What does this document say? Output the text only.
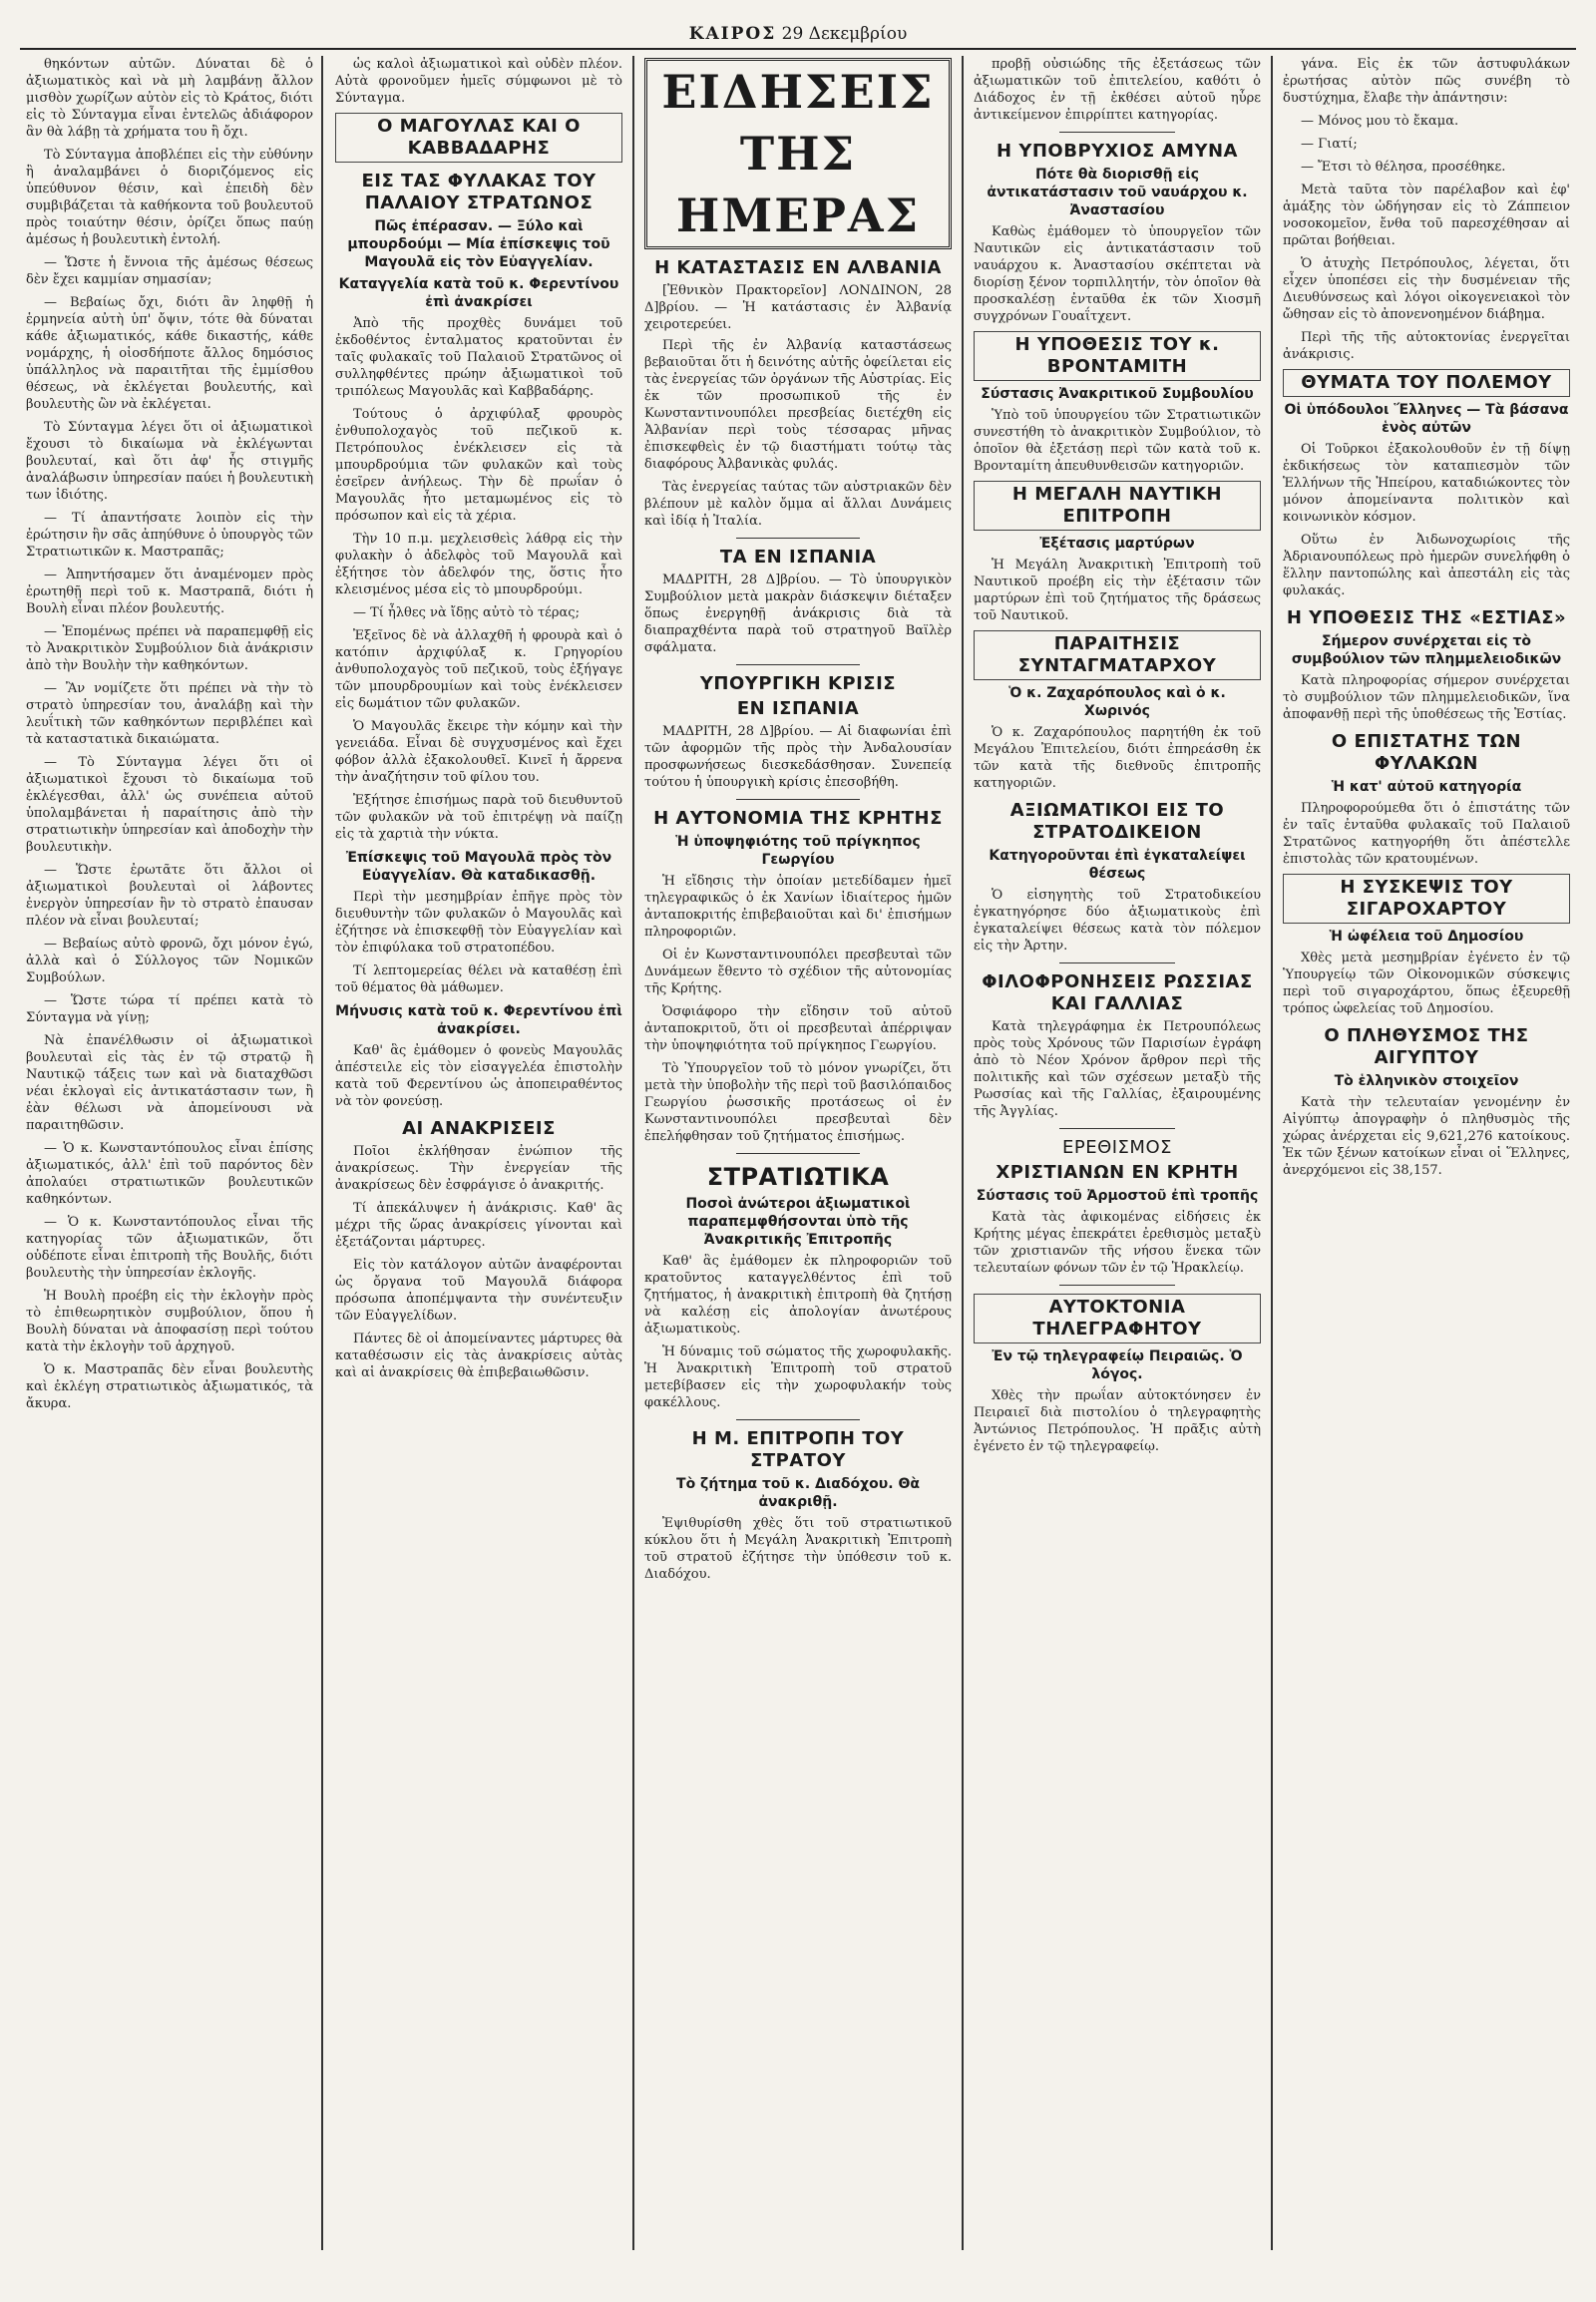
ΚΑΙΡΟΣ 29 Δεκεμβρίου

θηκόντων αὐτῶν. Δύναται δὲ ὁ ἀξιωματικὸς καὶ νὰ μὴ λαμβάνῃ ἄλλον μισθὸν χωρίζων αὐτὸν εἰς τὸ Κράτος, διότι εἰς τὸ Σύνταγμα εἶναι ἐντελῶς ἀδιάφορον ἂν θὰ λάβῃ τὰ χρήματα του ἢ ὄχι.

Τὸ Σύνταγμα ἀποβλέπει εἰς τὴν εὐθύνην ἢ ἀναλαμβάνει ὁ διοριζόμενος εἰς ὑπεύθυνον θέσιν, καὶ ἐπειδὴ δὲν συμβιβάζεται τὰ καθήκοντα τοῦ βουλευτοῦ πρὸς τοιαύτην θέσιν, ὁρίζει ὅπως παύῃ ἀμέσως ἡ βουλευτικὴ ἐντολή.

— Ὥστε ἡ ἔννοια τῆς ἀμέσως θέσεως δὲν ἔχει καμμίαν σημασίαν;

— Βεβαίως ὄχι, διότι ἂν ληφθῇ ἡ ἑρμηνεία αὐτὴ ὑπ' ὄψιν, τότε θὰ δύναται κάθε ἀξιωματικός, κάθε δικαστής, κάθε νομάρχης, ἡ οἱοσδήποτε ἄλλος δημόσιος ὑπάλληλος νὰ παραιτῆται τῆς ἐμμίσθου θέσεως, νὰ ἐκλέγεται βουλευτής, καὶ βουλευτὴς ὢν νὰ ἐκλέγεται.

Τὸ Σύνταγμα λέγει ὅτι οἱ ἀξιωματικοὶ ἔχουσι τὸ δικαίωμα νὰ ἐκλέγωνται βουλευταί, καὶ ὅτι ἀφ' ἧς στιγμῆς ἀναλάβωσιν ὑπηρεσίαν παύει ἡ βουλευτικὴ των ἰδιότης.

— Τί ἀπαντήσατε λοιπὸν εἰς τὴν ἐρώτησιν ἣν σᾶς ἀπηύθυνε ὁ ὑπουργὸς τῶν Στρατιωτικῶν κ. Μαστραπᾶς;

— Ἀπηντήσαμεν ὅτι ἀναμένομεν πρὸς ἐρωτηθῇ περὶ τοῦ κ. Μαστραπᾶ, διότι ἡ Βουλὴ εἶναι πλέον βουλευτής.

— Ἐπομένως πρέπει νὰ παραπεμφθῇ εἰς τὸ Ἀνακριτικὸν Συμβούλιον διὰ ἀνάκρισιν ἀπὸ τὴν Βουλὴν τὴν καθηκόντων.

— Ἂν νομίζετε ὅτι πρέπει νὰ τὴν τὸ στρατὸ ὑπηρεσίαν του, ἀναλάβῃ καὶ τὴν λευΐτικὴ τῶν καθηκόντων περιβλέπει καὶ τὰ καταστατικὰ δικαιώματα.

— Τὸ Σύνταγμα λέγει ὅτι οἱ ἀξιωματικοὶ ἔχουσι τὸ δικαίωμα τοῦ ἐκλέγεσθαι, ἀλλ' ὡς συνέπεια αὐτοῦ ὑπολαμβάνεται ἡ παραίτησις ἀπὸ τὴν στρατιωτικὴν ὑπηρεσίαν καὶ ἀποδοχὴν τὴν βουλευτικὴν.

— Ὥστε ἐρωτᾶτε ὅτι ἄλλοι οἱ ἀξιωματικοὶ βουλευταὶ οἱ λάβοντες ἐνεργὸν ὑπηρεσίαν ἢν τὸ στρατὸ ἐπαυσαν πλέον νὰ εἶναι βουλευταί;

— Βεβαίως αὐτὸ φρονῶ, ὄχι μόνον ἐγώ, ἀλλὰ καὶ ὁ Σύλλογος τῶν Νομικῶν Συμβούλων.

— Ὥστε τώρα τί πρέπει κατὰ τὸ Σύνταγμα νὰ γίνῃ;

Νὰ ἐπανέλθωσιν οἱ ἀξιωματικοὶ βουλευταὶ εἰς τὰς ἐν τῷ στρατῷ ἢ Ναυτικῷ τάξεις των καὶ νὰ διαταχθῶσι νέαι ἐκλογαὶ εἰς ἀντικατάστασιν των, ἢ ἐὰν θέλωσι νὰ ἀπομείνουσι νὰ παραιτηθῶσιν.

— Ὁ κ. Κωνσταντόπουλος εἶναι ἐπίσης ἀξιωματικός, ἀλλ' ἐπὶ τοῦ παρόντος δὲν ἀπολαύει στρατιωτικῶν βουλευτικῶν καθηκόντων.

— Ὁ κ. Κωνσταντόπουλος εἶναι τῆς κατηγορίας τῶν ἀξιωματικῶν, ὅτι οὐδέποτε εἶναι ἐπιτροπὴ τῆς Βουλῆς, διότι βουλευτὴς τὴν ὑπηρεσίαν ἐκλογῆς.

Ἡ Βουλὴ προέβη εἰς τὴν ἐκλογὴν πρὸς τὸ ἐπιθεωρητικὸν συμβούλιον, ὅπου ἡ Βουλὴ δύναται νὰ ἀποφασίσῃ περὶ τούτου κατὰ τὴν ἐκλογὴν τοῦ ἀρχηγοῦ.

Ὁ κ. Μαστραπᾶς δὲν εἶναι βουλευτὴς καὶ ἐκλέγη στρατιωτικὸς ἀξιωματικός, τὰ ἄκυρα.

ὡς καλοὶ ἀξιωματικοὶ καὶ οὐδὲν πλέον. Αὐτὰ φρονοῦμεν ἡμεῖς σύμφωνοι μὲ τὸ Σύνταγμα.

Ο ΜΑΓΟΥΛΑΣ ΚΑΙ Ο ΚΑΒΒΑΔΑΡΗΣ
ΕΙΣ ΤΑΣ ΦΥΛΑΚΑΣ ΤΟΥ ΠΑΛΑΙΟΥ ΣΤΡΑΤΩΝΟΣ
Πῶς ἐπέρασαν. — Ξύλο καὶ μπουρδούμι — Μία ἐπίσκεψις τοῦ Μαγουλᾶ εἰς τὸν Εὐαγγελίαν.
Καταγγελία κατὰ τοῦ κ. Φερεντίνου ἐπὶ ἀνακρίσει

Ἀπὸ τῆς προχθὲς δυνάμει τοῦ ἐκδοθέντος ἐνταλματος κρατοῦνται ἐν ταῖς φυλακαῖς τοῦ Παλαιοῦ Στρατῶνος οἱ συλληφθέντες πρώην ἀξιωματικοὶ τοῦ τριπόλεως Μαγουλᾶς καὶ Καββαδάρης.

Τούτους ὁ ἀρχιφύλαξ φρουρὸς ἐνθυπολοχαγὸς τοῦ πεζικοῦ κ. Πετρόπουλος ἐνέκλεισεν εἰς τὰ μπουρδρούμια τῶν φυλακῶν καὶ τοὺς ἐσεῖρεν ἀνήλεως. Τὴν δὲ πρωΐαν ὁ Μαγουλᾶς ἦτο μεταμωμένος εἰς τὸ πρόσωπον καὶ εἰς τὰ χέρια.

Τὴν 10 π.μ. μεχλεισθεὶς λάθρᾳ εἰς τὴν φυλακὴν ὁ ἀδελφὸς τοῦ Μαγουλᾶ καὶ ἐξήτησε τὸν ἀδελφόν της, ὅστις ἦτο κλεισμένος μέσα εἰς τὸ μπουρδρούμι.

— Τί ἦλθες νὰ ἴδῃς αὐτὸ τὸ τέρας;

Ἐξεῖνος δὲ νὰ ἀλλαχθῆ ἡ φρουρὰ καὶ ὁ κατόπιν ἀρχιφύλαξ κ. Γρηγορίου ἀνθυπολοχαγὸς τοῦ πεζικοῦ, τοὺς ἐξήγαγε τῶν μπουρδρουμίων καὶ τοὺς ἐνέκλεισεν εἰς δωμάτιον τῶν φυλακῶν.

Ὁ Μαγουλᾶς ἔκειρε τὴν κόμην καὶ τὴν γενειάδα. Εἶναι δὲ συγχυσμένος καὶ ἔχει φόβον ἀλλὰ ἐξακολουθεῖ. Κινεῖ ἡ ἄρρενα τὴν ἀναζήτησιν τοῦ φίλου του.

Ἐξήτησε ἐπισήμως παρὰ τοῦ διευθυντοῦ τῶν φυλακῶν νὰ τοῦ ἐπιτρέψῃ νὰ παίζῃ εἰς τὰ χαρτιὰ τὴν νύκτα.

Ἐπίσκεψις τοῦ Μαγουλᾶ πρὸς τὸν Εὐαγγελίαν. Θὰ καταδικασθῇ.

Περὶ τὴν μεσημβρίαν ἐπῆγε πρὸς τὸν διευθυντὴν τῶν φυλακῶν ὁ Μαγουλᾶς καὶ ἐζήτησε νὰ ἐπισκεφθῇ τὸν Εὐαγγελίαν καὶ τὸν ἐπιφύλακα τοῦ στρατοπέδου.

Τί λεπτομερείας θέλει νὰ καταθέσῃ ἐπὶ τοῦ θέματος θὰ μάθωμεν.

Μήνυσις κατὰ τοῦ κ. Φερεντίνου ἐπὶ ἀνακρίσει.

Καθ' ἃς ἐμάθομεν ὁ φονεὺς Μαγουλᾶς ἀπέστειλε εἰς τὸν εἰσαγγελέα ἐπιστολὴν κατὰ τοῦ Φερεντίνου ὡς ἀποπειραθέντος νὰ τὸν φονεύσῃ.

ΑΙ ΑΝΑΚΡΙΣΕΙΣ

Ποῖοι ἐκλήθησαν ἐνώπιον τῆς ἀνακρίσεως. Τὴν ἐνεργείαν τῆς ἀνακρίσεως δὲν ἐσφράγισε ὁ ἀνακριτής.

Τί ἀπεκάλυψεν ἡ ἀνάκρισις. Καθ' ἃς μέχρι τῆς ὥρας ἀνακρίσεις γίνονται καὶ ἐξετάζονται μάρτυρες.

Εἰς τὸν κατάλογον αὐτῶν ἀναφέρονται ὡς ὄργανα τοῦ Μαγουλᾶ διάφορα πρόσωπα ἀποπέμψαντα τὴν συνέντευξιν τῶν Εὐαγγελίδων.

Πάντες δὲ οἱ ἀπομείναντες μάρτυρες θὰ καταθέσωσιν εἰς τὰς ἀνακρίσεις αὐτὰς καὶ αἱ ἀνακρίσεις θὰ ἐπιβεβαιωθῶσιν.

ΕΙΔΗΣΕΙΣ ΤΗΣ ΗΜΕΡΑΣ
Η ΚΑΤΑΣΤΑΣΙΣ ΕΝ ΑΛΒΑΝΙΑ

[Ἐθνικὸν Πρακτορεῖον] ΛΟΝΔΙΝΟΝ, 28 Δ]βρίου. — Ἡ κατάστασις ἐν Ἀλβανίᾳ χειροτερεύει.

Περὶ τῆς ἐν Ἀλβανίᾳ καταστάσεως βεβαιοῦται ὅτι ἡ δεινότης αὐτῆς ὀφείλεται εἰς τὰς ἐνεργείας τῶν ὀργάνων τῆς Αὐστρίας. Εἰς ἐκ τῶν προσωπικοῦ τῆς ἐν Κωνσταντινουπόλει πρεσβείας διετέχθη εἰς Ἀλβανίαν περὶ τοὺς τέσσαρας μῆνας ἐπισκεφθεὶς ἐν τῷ διαστήματι τούτῳ τὰς διαφόρους Ἀλβανικὰς φυλάς.

Τὰς ἐνεργείας ταύτας τῶν αὐστριακῶν δὲν βλέπουν μὲ καλὸν ὄμμα αἱ ἄλλαι Δυνάμεις καὶ ἰδίᾳ ἡ Ἰταλία.

ΤΑ ΕΝ ΙΣΠΑΝΙΑ

ΜΑΔΡΙΤΗ, 28 Δ]βρίου. — Τὸ ὑπουργικὸν Συμβούλιον μετὰ μακρὰν διάσκεψιν διέταξεν ὅπως ἐνεργηθῇ ἀνάκρισις διὰ τὰ διαπραχθέντα παρὰ τοῦ στρατηγοῦ Βαϊλὲρ σφάλματα.

ΥΠΟΥΡΓΙΚΗ ΚΡΙΣΙΣ
ΕΝ ΙΣΠΑΝΙΑ

ΜΑΔΡΙΤΗ, 28 Δ]βρίου. — Αἱ διαφωνίαι ἐπὶ τῶν ἀφορμῶν τῆς πρὸς τὴν Ἀνδαλουσίαν προσφωνήσεως διεσκεδάσθησαν. Συνεπείᾳ τούτου ἡ ὑπουργικὴ κρίσις ἐπεσοβήθη.

Η ΑΥΤΟΝΟΜΙΑ ΤΗΣ ΚΡΗΤΗΣ
Ἡ ὑποψηφιότης τοῦ πρίγκηπος Γεωργίου

Ἡ εἴδησις τὴν ὁποίαν μετεδίδαμεν ἡμεῖ τηλεγραφικῶς ὁ ἐκ Χανίων ἰδιαίτερος ἡμῶν ἀνταποκριτής ἐπιβεβαιοῦται καὶ δι' ἐπισήμων πληροφοριῶν.

Οἱ ἐν Κωνσταντινουπόλει πρεσβευταὶ τῶν Δυνάμεων ἔθεντο τὸ σχέδιον τῆς αὐτονομίας τῆς Κρήτης.

Ὀσφιάφορο τὴν εἴδησιν τοῦ αὐτοῦ ἀνταποκριτοῦ, ὅτι οἱ πρεσβευταὶ ἀπέρριψαν τὴν ὑποψηφιότητα τοῦ πρίγκηπος Γεωργίου.

Τὸ Ὑπουργεῖον τοῦ τὸ μόνον γνωρίζει, ὅτι μετὰ τὴν ὑποβολὴν τῆς περὶ τοῦ βασιλόπαιδος Γεωργίου ῥωσσικῆς προτάσεως οἱ ἐν Κωνσταντινουπόλει πρεσβευταὶ δὲν ἐπελήφθησαν τοῦ ζητήματος ἐπισήμως.

ΣΤΡΑΤΙΩΤΙΚΑ
Ποσοὶ ἀνώτεροι ἀξιωματικοὶ παραπεμφθήσονται ὑπὸ τῆς Ἀνακριτικῆς Ἐπιτροπῆς

Καθ' ἃς ἐμάθομεν ἐκ πληροφοριῶν τοῦ κρατοῦντος καταγγελθέντος ἐπὶ τοῦ ζητήματος, ἡ ἀνακριτικὴ ἐπιτροπὴ θὰ ζητήσῃ νὰ καλέσῃ εἰς ἀπολογίαν ἀνωτέρους ἀξιωματικοὺς.

Ἡ δύναμις τοῦ σώματος τῆς χωροφυλακῆς. Ἡ Ἀνακριτικὴ Ἐπιτροπὴ τοῦ στρατοῦ μετεβίβασεν εἰς τὴν χωροφυλακήν τοὺς φακέλλους.

Η Μ. ΕΠΙΤΡΟΠΗ ΤΟΥ ΣΤΡΑΤΟΥ
Τὸ ζήτημα τοῦ κ. Διαδόχου. Θὰ ἀνακριθῇ.

Ἐψιθυρίσθη χθὲς ὅτι τοῦ στρατιωτικοῦ κύκλου ὅτι ἡ Μεγάλη Ἀνακριτικὴ Ἐπιτροπὴ τοῦ στρατοῦ ἐζήτησε τὴν ὑπόθεσιν τοῦ κ. Διαδόχου.

προβῇ οὐσιώδης τῆς ἐξετάσεως τῶν ἀξιωματικῶν τοῦ ἐπιτελείου, καθότι ὁ Διάδοχος ἐν τῇ ἐκθέσει αὐτοῦ ηὗρε ἀντικείμενον ἐπιρρίπτει κατηγορίας.

Η ΥΠΟΒΡΥΧΙΟΣ ΑΜΥΝΑ
Πότε θὰ διορισθῇ εἰς ἀντικατάστασιν τοῦ ναυάρχου κ. Ἀναστασίου

Καθὼς ἐμάθομεν τὸ ὑπουργεῖον τῶν Ναυτικῶν εἰς ἀντικατάστασιν τοῦ ναυάρχου κ. Ἀναστασίου σκέπτεται νὰ διορίσῃ ξένον τορπιλλητήν, τὸν ὁποῖον θὰ προσκαλέσῃ ἐνταῦθα ἐκ τῶν Χιοσμῆ συγχρόνων Γουαΐτχεντ.

Η ΥΠΟΘΕΣΙΣ ΤΟΥ κ. ΒΡΟΝΤΑΜΙΤΗ
Σύστασις Ἀνακριτικοῦ Συμβουλίου

Ὑπὸ τοῦ ὑπουργείου τῶν Στρατιωτικῶν συνεστήθη τὸ ἀνακριτικὸν Συμβούλιον, τὸ ὁποῖον θὰ ἐξετάσῃ περὶ τῶν κατὰ τοῦ κ. Βρονταμίτη ἀπευθυνθεισῶν κατηγοριῶν.

Η ΜΕΓΑΛΗ ΝΑΥΤΙΚΗ ΕΠΙΤΡΟΠΗ
Ἐξέτασις μαρτύρων

Ἡ Μεγάλη Ἀνακριτικὴ Ἐπιτροπὴ τοῦ Ναυτικοῦ προέβη εἰς τὴν ἐξέτασιν τῶν μαρτύρων ἐπὶ τοῦ ζητήματος τῆς δράσεως τοῦ Ναυτικοῦ.

ΠΑΡΑΙΤΗΣΙΣ ΣΥΝΤΑΓΜΑΤΑΡΧΟΥ
Ὁ κ. Ζαχαρόπουλος καὶ ὁ κ. Χωρινός

Ὁ κ. Ζαχαρόπουλος παρητήθη ἐκ τοῦ Μεγάλου Ἐπιτελείου, διότι ἐπηρεάσθη ἐκ τῶν κατὰ τῆς διεθνοῦς ἐπιτροπῆς κατηγοριῶν.

ΑΞΙΩΜΑΤΙΚΟΙ ΕΙΣ ΤΟ ΣΤΡΑΤΟΔΙΚΕΙΟΝ
Κατηγοροῦνται ἐπὶ ἐγκαταλείψει θέσεως

Ὁ εἰσηγητὴς τοῦ Στρατοδικείου ἐγκατηγόρησε δύο ἀξιωματικοὺς ἐπὶ ἐγκαταλείψει θέσεως κατὰ τὸν πόλεμον εἰς τὴν Ἀρτην.

ΦΙΛΟΦΡΟΝΗΣΕΙΣ ΡΩΣΣΙΑΣ ΚΑΙ ΓΑΛΛΙΑΣ

Κατὰ τηλεγράφημα ἐκ Πετρουπόλεως πρὸς τοὺς Χρόνους τῶν Παρισίων ἐγράφη ἀπὸ τὸ Νέον Χρόνον ἄρθρον περὶ τῆς πολιτικῆς καὶ τῶν σχέσεων μεταξὺ τῆς Ρωσσίας καὶ τῆς Γαλλίας, ἐξαιρουμένης τῆς Ἀγγλίας.

ΕΡΕΘΙΣΜΟΣ
ΧΡΙΣΤΙΑΝΩΝ ΕΝ ΚΡΗΤΗ
Σύστασις τοῦ Ἀρμοστοῦ ἐπὶ τροπῆς

Κατὰ τὰς ἀφικομένας εἰδήσεις ἐκ Κρήτης μέγας ἐπεκράτει ἐρεθισμὸς μεταξὺ τῶν χριστιανῶν τῆς νήσου ἕνεκα τῶν τελευταίων φόνων τῶν ἐν τῷ Ἡρακλείῳ.

ΑΥΤΟΚΤΟΝΙΑ ΤΗΛΕΓΡΑΦΗΤΟΥ
Ἐν τῷ τηλεγραφείῳ Πειραιῶς. Ὁ λόγος.

Χθὲς τὴν πρωΐαν αὐτοκτόνησεν ἐν Πειραιεῖ διὰ πιστολίου ὁ τηλεγραφητὴς Ἀντώνιος Πετρόπουλος. Ἡ πρᾶξις αὐτὴ ἐγένετο ἐν τῷ τηλεγραφείῳ.

γάνα. Εἰς ἐκ τῶν ἀστυφυλάκων ἐρωτήσας αὐτὸν πῶς συνέβη τὸ δυστύχημα, ἔλαβε τὴν ἀπάντησιν:

— Μόνος μου τὸ ἔκαμα.

— Γιατί;

— Ἔτσι τὸ θέλησα, προσέθηκε.

Μετὰ ταῦτα τὸν παρέλαβον καὶ ἐφ' ἁμάξης τὸν ὡδήγησαν εἰς τὸ Ζάππειον νοσοκομεῖον, ἔνθα τοῦ παρεσχέθησαν αἱ πρῶται βοήθειαι.

Ὁ ἀτυχὴς Πετρόπουλος, λέγεται, ὅτι εἶχεν ὑποπέσει εἰς τὴν δυσμένειαν τῆς Διευθύνσεως καὶ λόγοι οἰκογενειακοὶ τὸν ὤθησαν εἰς τὸ ἀπονενοημένον διάβημα.

Περὶ τῆς τῆς αὐτοκτονίας ἐνεργεῖται ἀνάκρισις.

ΘΥΜΑΤΑ ΤΟΥ ΠΟΛΕΜΟΥ
Οἱ ὑπόδουλοι Ἕλληνες — Τὰ βάσανα ἑνὸς αὐτῶν

Οἱ Τοῦρκοι ἐξακολουθοῦν ἐν τῇ δίψῃ ἐκδικήσεως τὸν καταπιεσμὸν τῶν Ἑλλήνων τῆς Ἠπείρου, καταδιώκοντες τὸν μόνον ἀπομείναντα πολιτικὸν καὶ κοινωνικὸν κόσμον.

Οὕτω ἐν Ἀιδωνοχωρίοις τῆς Ἀδριανουπόλεως πρὸ ἡμερῶν συνελήφθη ὁ ἕλλην παντοπώλης καὶ ἀπεστάλη εἰς τὰς φυλακάς.

Η ΥΠΟΘΕΣΙΣ ΤΗΣ «ΕΣΤΙΑΣ»
Σήμερον συνέρχεται εἰς τὸ συμβούλιον τῶν πλημμελειοδικῶν

Κατὰ πληροφορίας σήμερον συνέρχεται τὸ συμβούλιον τῶν πλημμελειοδικῶν, ἵνα ἀποφανθῇ περὶ τῆς ὑποθέσεως τῆς Ἑστίας.

Ο ΕΠΙΣΤΑΤΗΣ ΤΩΝ ΦΥΛΑΚΩΝ
Ἡ κατ' αὐτοῦ κατηγορία

Πληροφορούμεθα ὅτι ὁ ἐπιστάτης τῶν ἐν ταῖς ἐνταῦθα φυλακαῖς τοῦ Παλαιοῦ Στρατῶνος κατηγορήθη ὅτι ἀπέστελλε ἐπιστολὰς τῶν κρατουμένων.

Η ΣΥΣΚΕΨΙΣ ΤΟΥ ΣΙΓΑΡΟΧΑΡΤΟΥ
Ἡ ὠφέλεια τοῦ Δημοσίου

Χθὲς μετὰ μεσημβρίαν ἐγένετο ἐν τῷ Ὑπουργείῳ τῶν Οἰκονομικῶν σύσκεψις περὶ τοῦ σιγαροχάρτου, ὅπως ἐξευρεθῇ τρόπος ὠφελείας τοῦ Δημοσίου.

Ο ΠΛΗΘΥΣΜΟΣ ΤΗΣ ΑΙΓΥΠΤΟΥ
Τὸ ἑλληνικὸν στοιχεῖον

Κατὰ τὴν τελευταίαν γενομένην ἐν Αἰγύπτῳ ἀπογραφὴν ὁ πληθυσμὸς τῆς χώρας ἀνέρχεται εἰς 9,621,276 κατοίκους. Ἐκ τῶν ξένων κατοίκων εἶναι οἱ Ἕλληνες, ἀνερχόμενοι εἰς 38,157.
